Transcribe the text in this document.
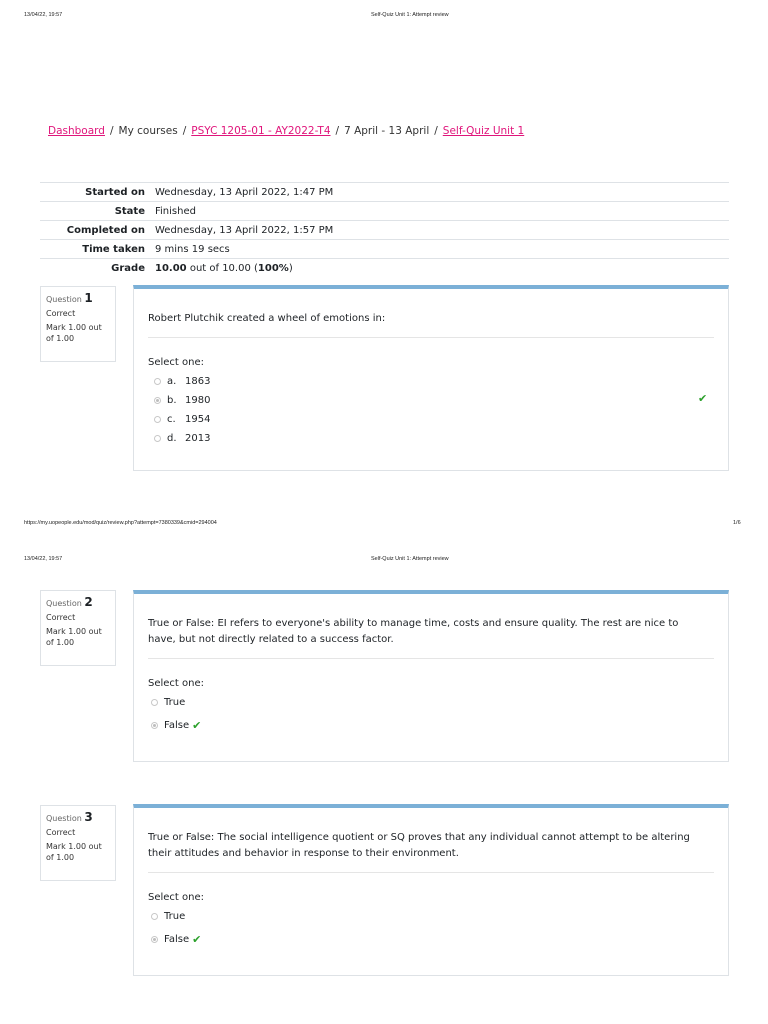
13/04/22, 19:57	Self-Quiz Unit 1: Attempt review
Dashboard / My courses / PSYC 1205-01 - AY2022-T4 / 7 April - 13 April / Self-Quiz Unit 1
Started on	Wednesday, 13 April 2022, 1:47 PM
State	Finished
Completed on	Wednesday, 13 April 2022, 1:57 PM
Time taken	9 mins 19 secs
Grade	10.00 out of 10.00 (100%)
Question 1
Correct
Mark 1.00 out of 1.00
Robert Plutchik created a wheel of emotions in:
Select one:
a. 1863
b. 1980
c. 1954
d. 2013
✔
https://my.uopeople.edu/mod/quiz/review.php?attempt=7380339&cmid=294004	1/6
13/04/22, 19:57	Self-Quiz Unit 1: Attempt review
Question 2
Correct
Mark 1.00 out of 1.00
True or False: EI refers to everyone's ability to manage time, costs and ensure quality. The rest are nice to have, but not directly related to a success factor.
Select one:
True
False ✔
Question 3
Correct
Mark 1.00 out of 1.00
True or False: The social intelligence quotient or SQ proves that any individual cannot attempt to be altering their attitudes and behavior in response to their environment.
Select one:
True
False ✔
